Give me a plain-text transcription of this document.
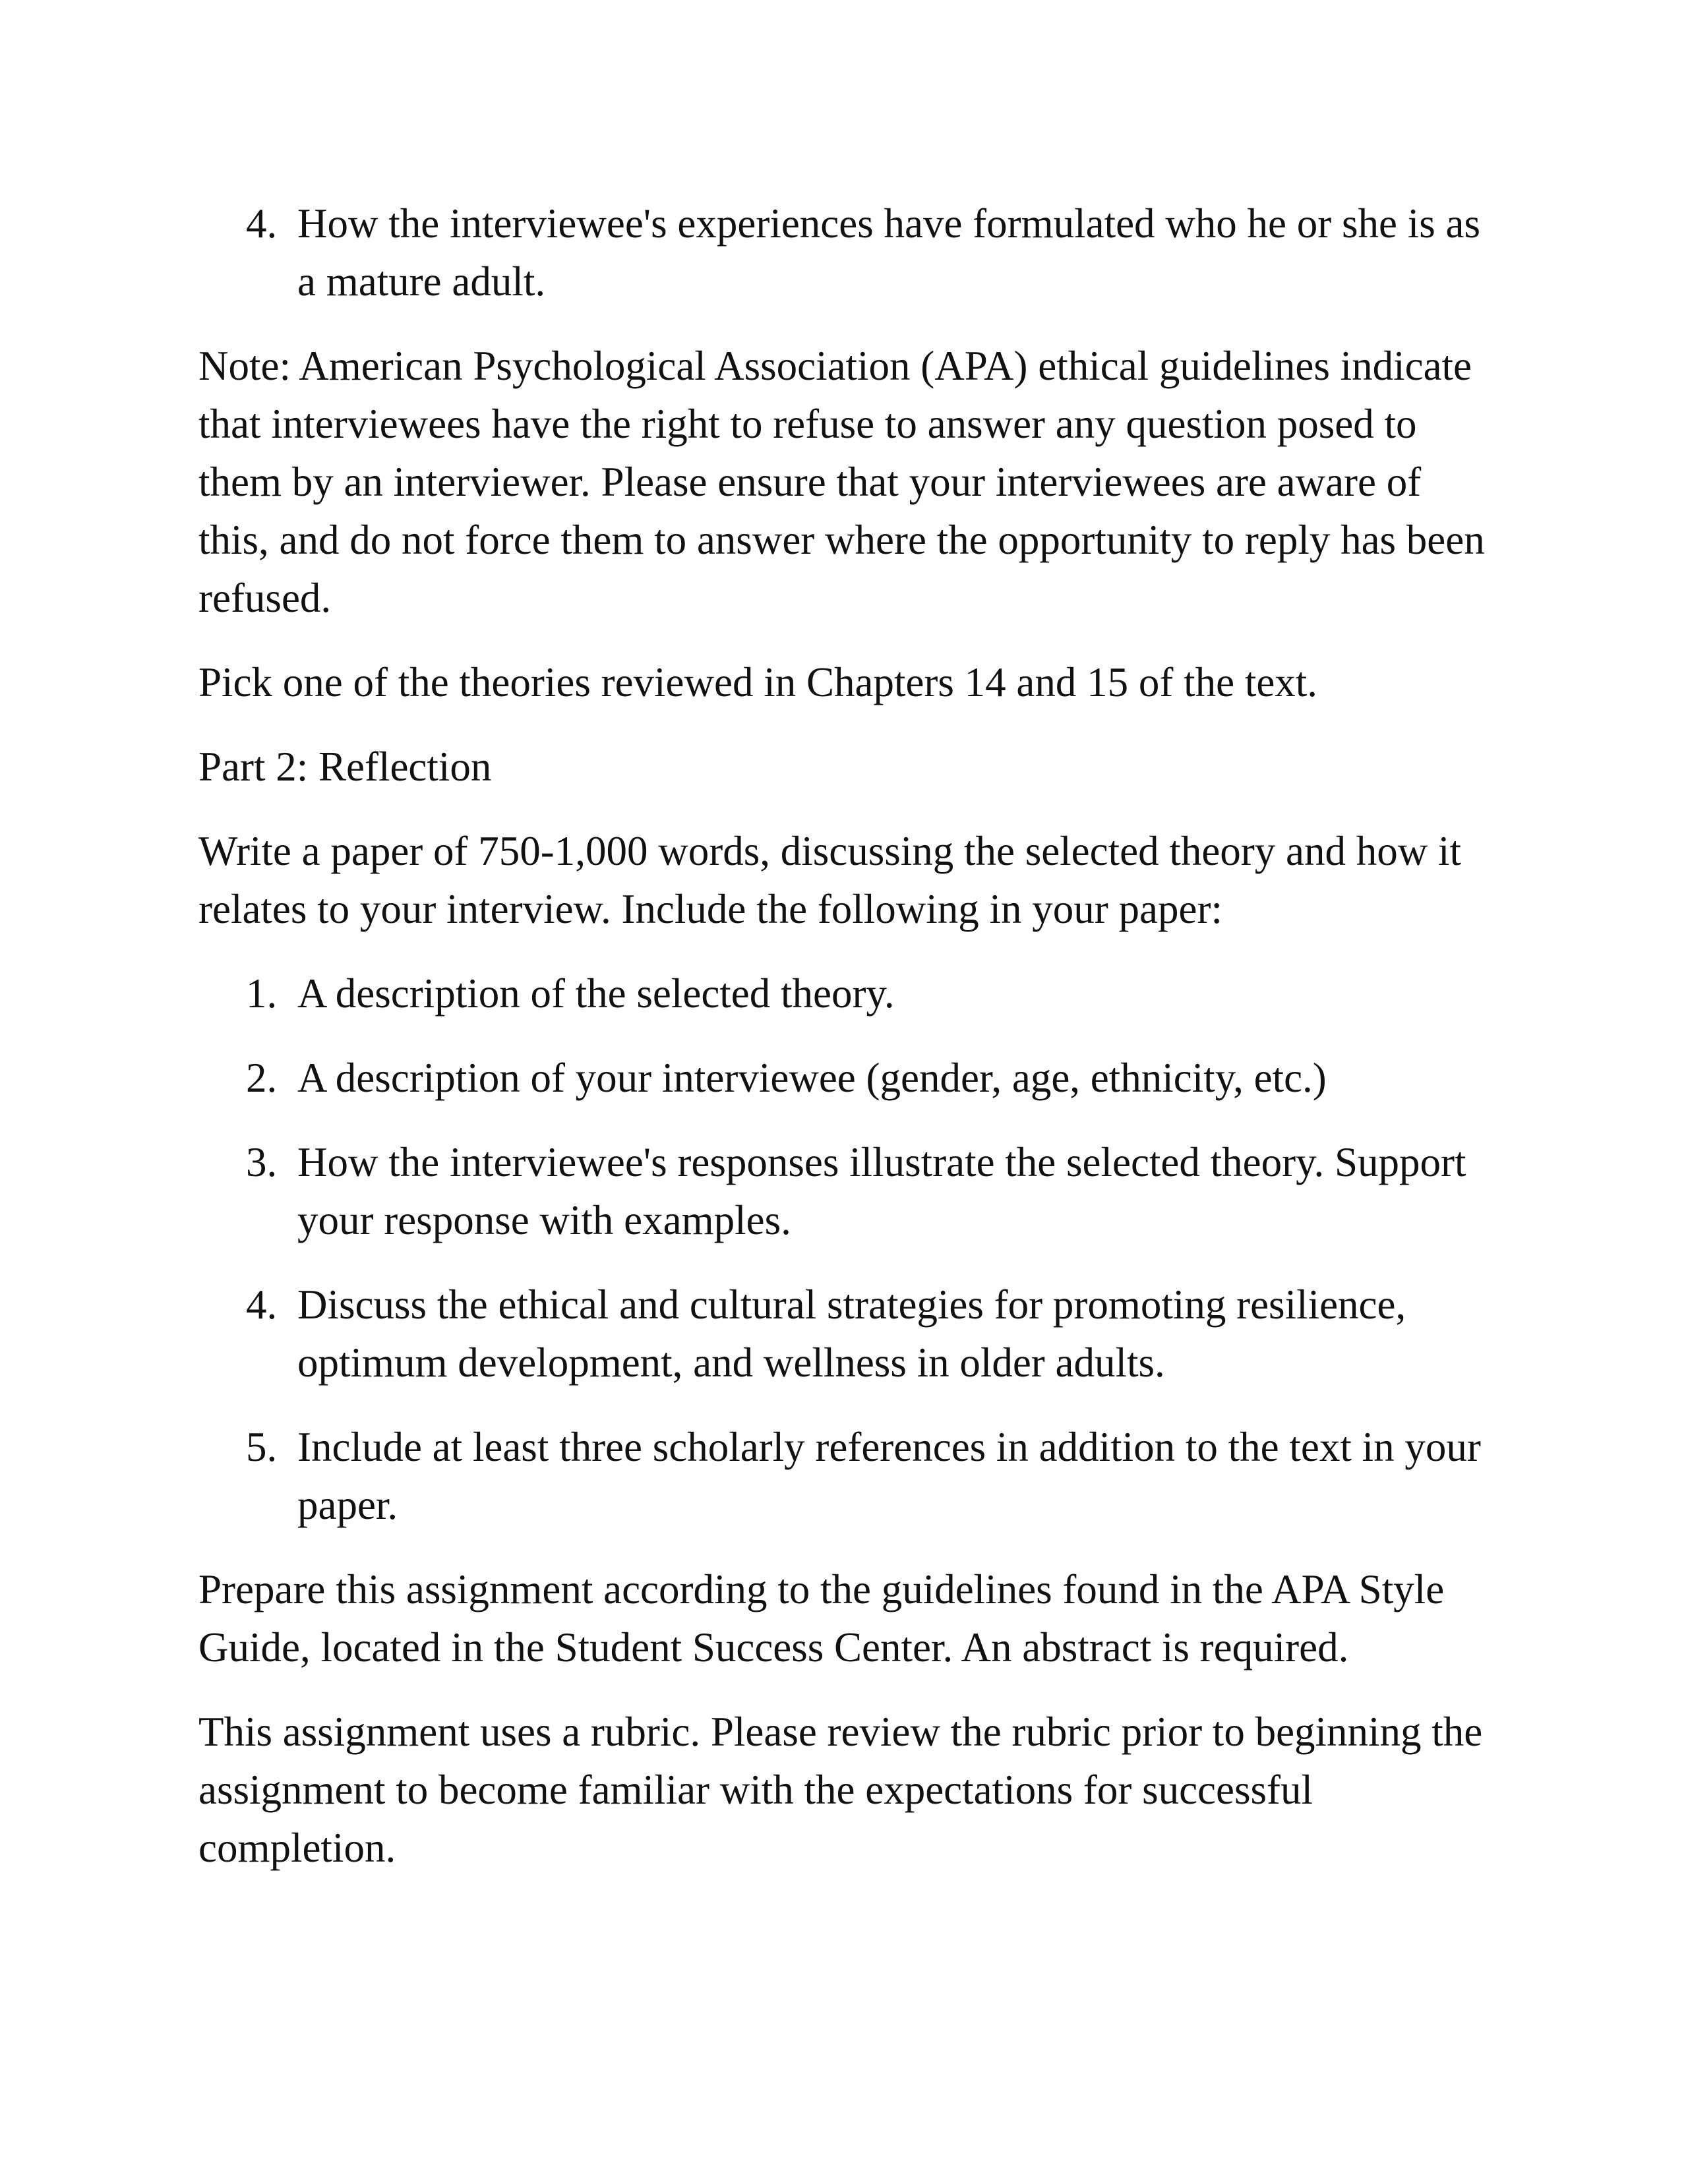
4. How the interviewee's experiences have formulated who he or she is as a mature adult.

Note: American Psychological Association (APA) ethical guidelines indicate that interviewees have the right to refuse to answer any question posed to them by an interviewer. Please ensure that your interviewees are aware of this, and do not force them to answer where the opportunity to reply has been refused.

Pick one of the theories reviewed in Chapters 14 and 15 of the text.

Part 2: Reflection

Write a paper of 750-1,000 words, discussing the selected theory and how it relates to your interview. Include the following in your paper:

1. A description of the selected theory.
2. A description of your interviewee (gender, age, ethnicity, etc.)
3. How the interviewee's responses illustrate the selected theory. Support your response with examples.
4. Discuss the ethical and cultural strategies for promoting resilience, optimum development, and wellness in older adults.
5. Include at least three scholarly references in addition to the text in your paper.

Prepare this assignment according to the guidelines found in the APA Style Guide, located in the Student Success Center. An abstract is required.

This assignment uses a rubric. Please review the rubric prior to beginning the assignment to become familiar with the expectations for successful completion.
